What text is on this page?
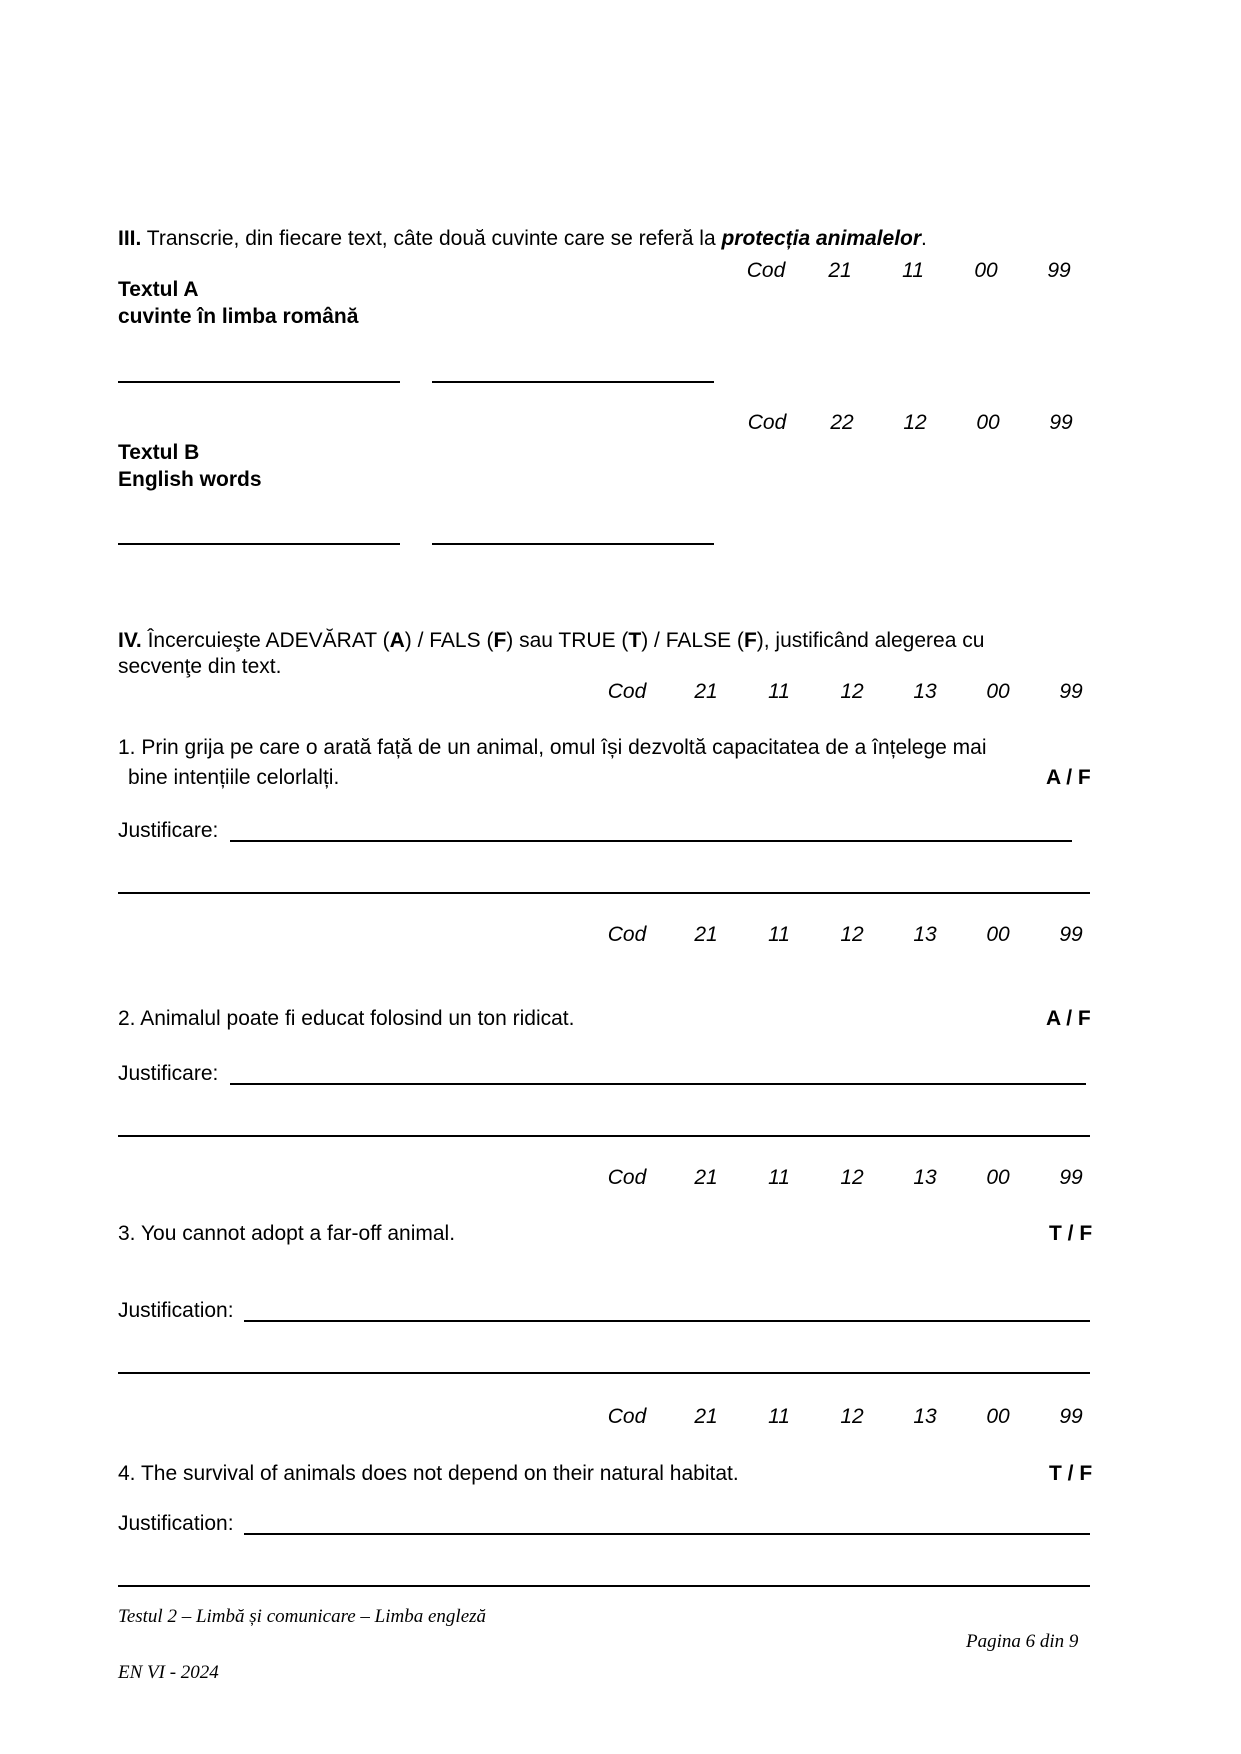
III. Transcrie, din fiecare text, câte două cuvinte care se referă la protecția animalelor.
Cod	21	11	00	99
Textul A
cuvinte în limba română
Cod	22	12	00	99
Textul B
English words
IV. Încercuieşte ADEVĂRAT (A) / FALS (F) sau TRUE (T) / FALSE (F), justificând alegerea cu
secvenţe din text.
Cod	21	11	12	13	00	99
1. Prin grija pe care o arată față de un animal, omul își dezvoltă capacitatea de a înțelege mai
bine intențiile celorlalți.	A / F
Justificare:
Cod	21	11	12	13	00	99
2. Animalul poate fi educat folosind un ton ridicat.	A / F
Justificare:
Cod	21	11	12	13	00	99
3. You cannot adopt a far-off animal.	T / F
Justification:
Cod	21	11	12	13	00	99
4. The survival of animals does not depend on their natural habitat.	T / F
Justification:
Testul 2 – Limbă și comunicare – Limba engleză
Pagina 6 din 9
EN VI - 2024
